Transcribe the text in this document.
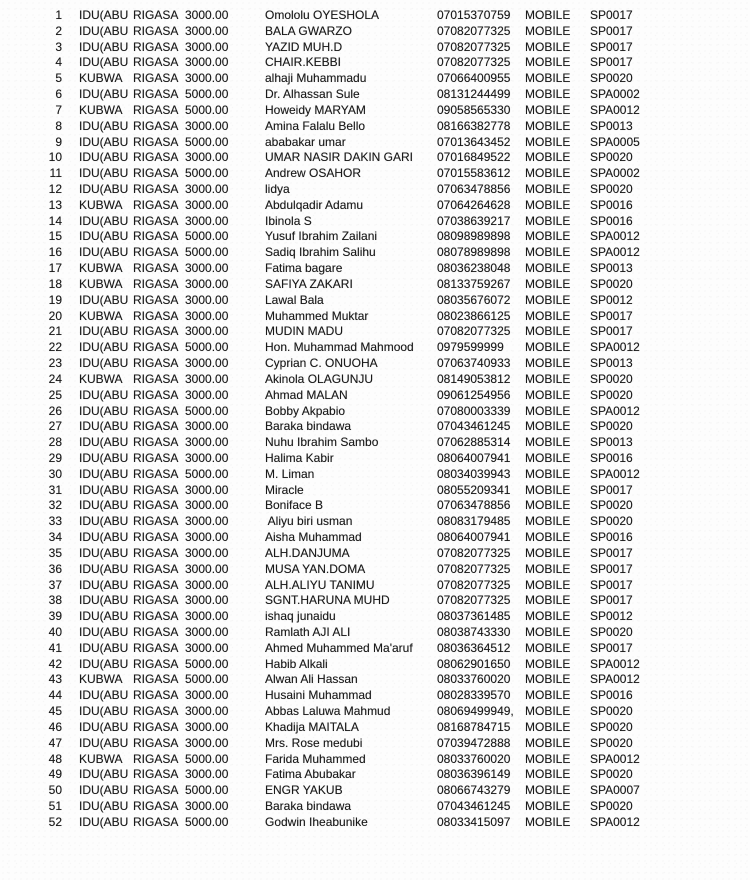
1 IDU(ABU RIGASA 3000.00	Omololu OYESHOLA	07015370759 MOBILE SP0017
2 IDU(ABU RIGASA 3000.00	BALA GWARZO	07082077325 MOBILE SP0017
3 IDU(ABU RIGASA 3000.00	YAZID MUH.D	07082077325 MOBILE SP0017
4 IDU(ABU RIGASA 3000.00	CHAIR.KEBBI	07082077325 MOBILE SP0017
5 KUBWA RIGASA 3000.00	alhaji Muhammadu	07066400955 MOBILE SP0020
6 IDU(ABU RIGASA 5000.00	Dr. Alhassan Sule	08131244499 MOBILE SPA0002
7 KUBWA RIGASA 5000.00	Howeidy MARYAM	09058565330 MOBILE SPA0012
8 IDU(ABU RIGASA 3000.00	Amina Falalu Bello	08166382778 MOBILE SP0013
9 IDU(ABU RIGASA 5000.00	ababakar umar	07013643452 MOBILE SPA0005
10 IDU(ABU RIGASA 3000.00	UMAR NASIR DAKIN GARI 07016849522 MOBILE SP0020
11 IDU(ABU RIGASA 5000.00	Andrew OSAHOR	07015583612 MOBILE SPA0002
12 IDU(ABU RIGASA 3000.00	lidya	07063478856 MOBILE SP0020
13 KUBWA RIGASA 3000.00	Abdulqadir Adamu	07064264628 MOBILE SP0016
14 IDU(ABU RIGASA 3000.00	Ibinola S	07038639217 MOBILE SP0016
15 IDU(ABU RIGASA 5000.00	Yusuf Ibrahim Zailani	08098989898 MOBILE SPA0012
16 IDU(ABU RIGASA 5000.00	Sadiq Ibrahim Salihu	08078989898 MOBILE SPA0012
17 KUBWA RIGASA 3000.00	Fatima bagare	08036238048 MOBILE SP0013
18 KUBWA RIGASA 3000.00	SAFIYA ZAKARI	08133759267 MOBILE SP0020
19 IDU(ABU RIGASA 3000.00	Lawal Bala	08035676072 MOBILE SP0012
20 KUBWA RIGASA 3000.00	Muhammed Muktar	08023866125 MOBILE SP0017
21 IDU(ABU RIGASA 3000.00	MUDIN MADU	07082077325 MOBILE SP0017
22 IDU(ABU RIGASA 5000.00	Hon. Muhammad Mahmood 0979599999 MOBILE SPA0012
23 IDU(ABU RIGASA 3000.00	Cyprian C. ONUOHA	07063740933 MOBILE SP0013
24 KUBWA RIGASA 3000.00	Akinola OLAGUNJU	08149053812 MOBILE SP0020
25 IDU(ABU RIGASA 3000.00	Ahmad MALAN	09061254956 MOBILE SP0020
26 IDU(ABU RIGASA 5000.00	Bobby Akpabio	07080003339 MOBILE SPA0012
27 IDU(ABU RIGASA 3000.00	Baraka bindawa	07043461245 MOBILE SP0020
28 IDU(ABU RIGASA 3000.00	Nuhu Ibrahim Sambo	07062885314 MOBILE SP0013
29 IDU(ABU RIGASA 3000.00	Halima Kabir	08064007941 MOBILE SP0016
30 IDU(ABU RIGASA 5000.00	M. Liman	08034039943 MOBILE SPA0012
31 IDU(ABU RIGASA 3000.00	Miracle	08055209341 MOBILE SP0017
32 IDU(ABU RIGASA 3000.00	Boniface B	07063478856 MOBILE SP0020
33 IDU(ABU RIGASA 3000.00	Aliyu biri usman	08083179485 MOBILE SP0020
34 IDU(ABU RIGASA 3000.00	Aisha Muhammad	08064007941 MOBILE SP0016
35 IDU(ABU RIGASA 3000.00	ALH.DANJUMA	07082077325 MOBILE SP0017
36 IDU(ABU RIGASA 3000.00	MUSA YAN.DOMA	07082077325 MOBILE SP0017
37 IDU(ABU RIGASA 3000.00	ALH.ALIYU TANIMU	07082077325 MOBILE SP0017
38 IDU(ABU RIGASA 3000.00	SGNT.HARUNA MUHD	07082077325 MOBILE SP0017
39 IDU(ABU RIGASA 3000.00	ishaq junaidu	08037361485 MOBILE SP0012
40 IDU(ABU RIGASA 3000.00	Ramlath AJI ALI	08038743330 MOBILE SP0020
41 IDU(ABU RIGASA 3000.00	Ahmed Muhammed Ma'aruf 08036364512 MOBILE SP0017
42 IDU(ABU RIGASA 5000.00	Habib Alkali	08062901650 MOBILE SPA0012
43 KUBWA RIGASA 5000.00	Alwan Ali Hassan	08033760020 MOBILE SPA0012
44 IDU(ABU RIGASA 3000.00	Husaini Muhammad	08028339570 MOBILE SP0016
45 IDU(ABU RIGASA 3000.00	Abbas Laluwa Mahmud	08069499949, MOBILE SP0020
46 IDU(ABU RIGASA 3000.00	Khadija MAITALA	08168784715 MOBILE SP0020
47 IDU(ABU RIGASA 3000.00	Mrs. Rose medubi	07039472888 MOBILE SP0020
48 KUBWA RIGASA 5000.00	Farida Muhammed	08033760020 MOBILE SPA0012
49 IDU(ABU RIGASA 3000.00	Fatima Abubakar	08036396149 MOBILE SP0020
50 IDU(ABU RIGASA 5000.00	ENGR YAKUB	08066743279 MOBILE SPA0007
51 IDU(ABU RIGASA 3000.00	Baraka bindawa	07043461245 MOBILE SP0020
52 IDU(ABU RIGASA 5000.00	Godwin Iheabunike	08033415097 MOBILE SPA0012
